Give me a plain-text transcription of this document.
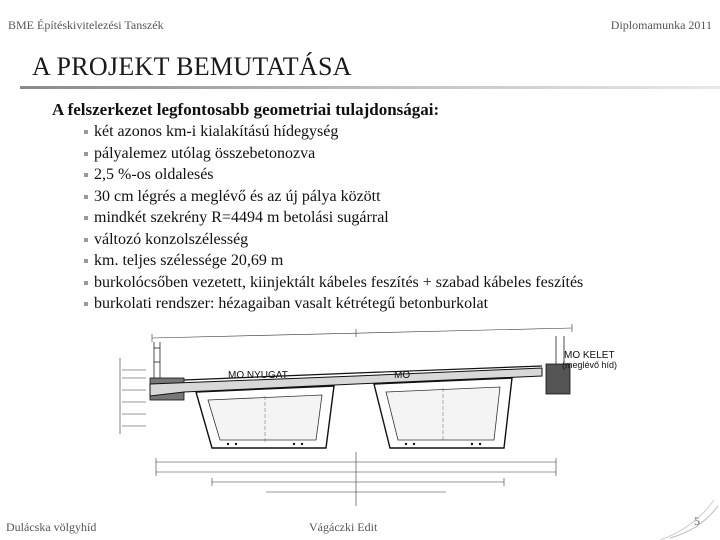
BME Építéskivitelezési Tanszék	Diplomamunka 2011
A PROJEKT BEMUTATÁSA
A felszerkezet legfontosabb geometriai tulajdonságai:
két azonos km-i kialakítású hídegység
pályalemez utólag összebetonozva
2,5 %-os oldalesés
30 cm légrés a meglévő és az új pálya között
mindkét szekrény R=4494 m betolási sugárral
változó konzolszélesség
km. teljes szélessége 20,69 m
burkolócsőben vezetett, kiinjektált kábeles feszítés + szabad kábeles feszítés
burkolati rendszer: hézagaiban vasalt kétrétegű betonburkolat
MO NYUGAT	MO
MO KELET
(meglévő híd)
Dulácska völgyhíd	Vágáczki Edit	5
